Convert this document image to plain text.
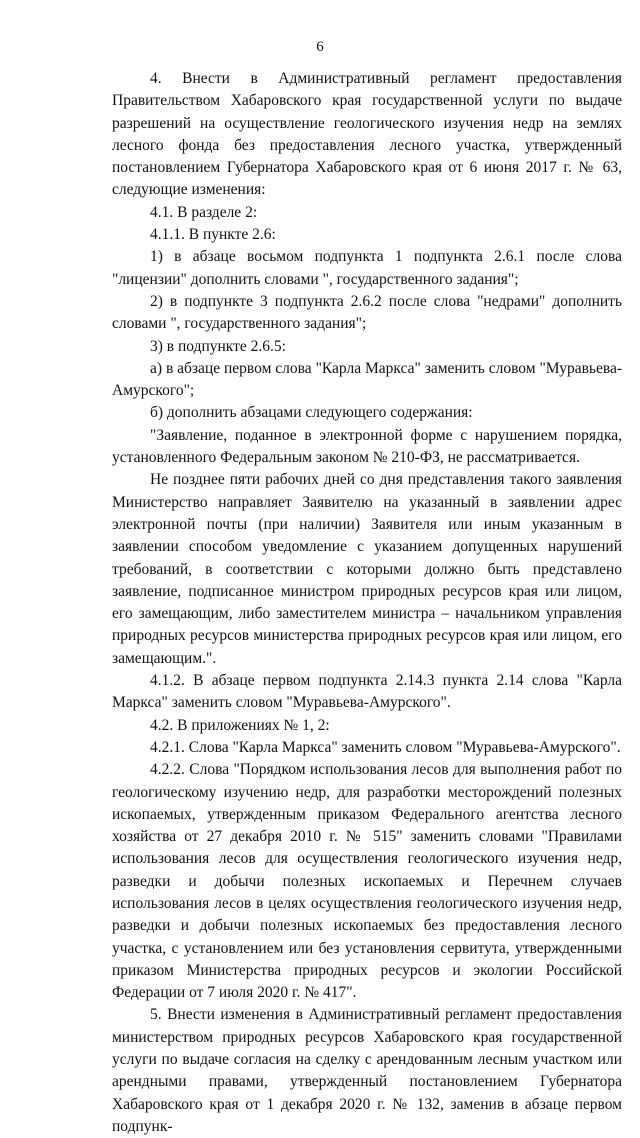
6

4. Внести в Административный регламент предоставления Правительством Хабаровского края государственной услуги по выдаче разрешений на осуществление геологического изучения недр на землях лесного фонда без предоставления лесного участка, утвержденный постановлением Губернатора Хабаровского края от 6 июня 2017 г. № 63, следующие изменения:

4.1. В разделе 2:

4.1.1. В пункте 2.6:

1) в абзаце восьмом подпункта 1 подпункта 2.6.1 после слова "лицензии" дополнить словами ", государственного задания";

2) в подпункте 3 подпункта 2.6.2 после слова "недрами" дополнить словами ", государственного задания";

3) в подпункте 2.6.5:

а) в абзаце первом слова "Карла Маркса" заменить словом "Муравьева-Амурского";

б) дополнить абзацами следующего содержания:

"Заявление, поданное в электронной форме с нарушением порядка, установленного Федеральным законом № 210-ФЗ, не рассматривается.

Не позднее пяти рабочих дней со дня представления такого заявления Министерство направляет Заявителю на указанный в заявлении адрес электронной почты (при наличии) Заявителя или иным указанным в заявлении способом уведомление с указанием допущенных нарушений требований, в соответствии с которыми должно быть представлено заявление, подписанное министром природных ресурсов края или лицом, его замещающим, либо заместителем министра – начальником управления природных ресурсов министерства природных ресурсов края или лицом, его замещающим.".

4.1.2. В абзаце первом подпункта 2.14.3 пункта 2.14 слова "Карла Маркса" заменить словом "Муравьева-Амурского".

4.2. В приложениях № 1, 2:

4.2.1. Слова "Карла Маркса" заменить словом "Муравьева-Амурского".

4.2.2. Слова "Порядком использования лесов для выполнения работ по геологическому изучению недр, для разработки месторождений полезных ископаемых, утвержденным приказом Федерального агентства лесного хозяйства от 27 декабря 2010 г. № 515" заменить словами "Правилами использования лесов для осуществления геологического изучения недр, разведки и добычи полезных ископаемых и Перечнем случаев использования лесов в целях осуществления геологического изучения недр, разведки и добычи полезных ископаемых без предоставления лесного участка, с установлением или без установления сервитута, утвержденными приказом Министерства природных ресурсов и экологии Российской Федерации от 7 июля 2020 г. № 417".

5. Внести изменения в Административный регламент предоставления министерством природных ресурсов Хабаровского края государственной услуги по выдаче согласия на сделку с арендованным лесным участком или арендными правами, утвержденный постановлением Губернатора Хабаровского края от 1 декабря 2020 г. № 132, заменив в абзаце первом подпунк-
